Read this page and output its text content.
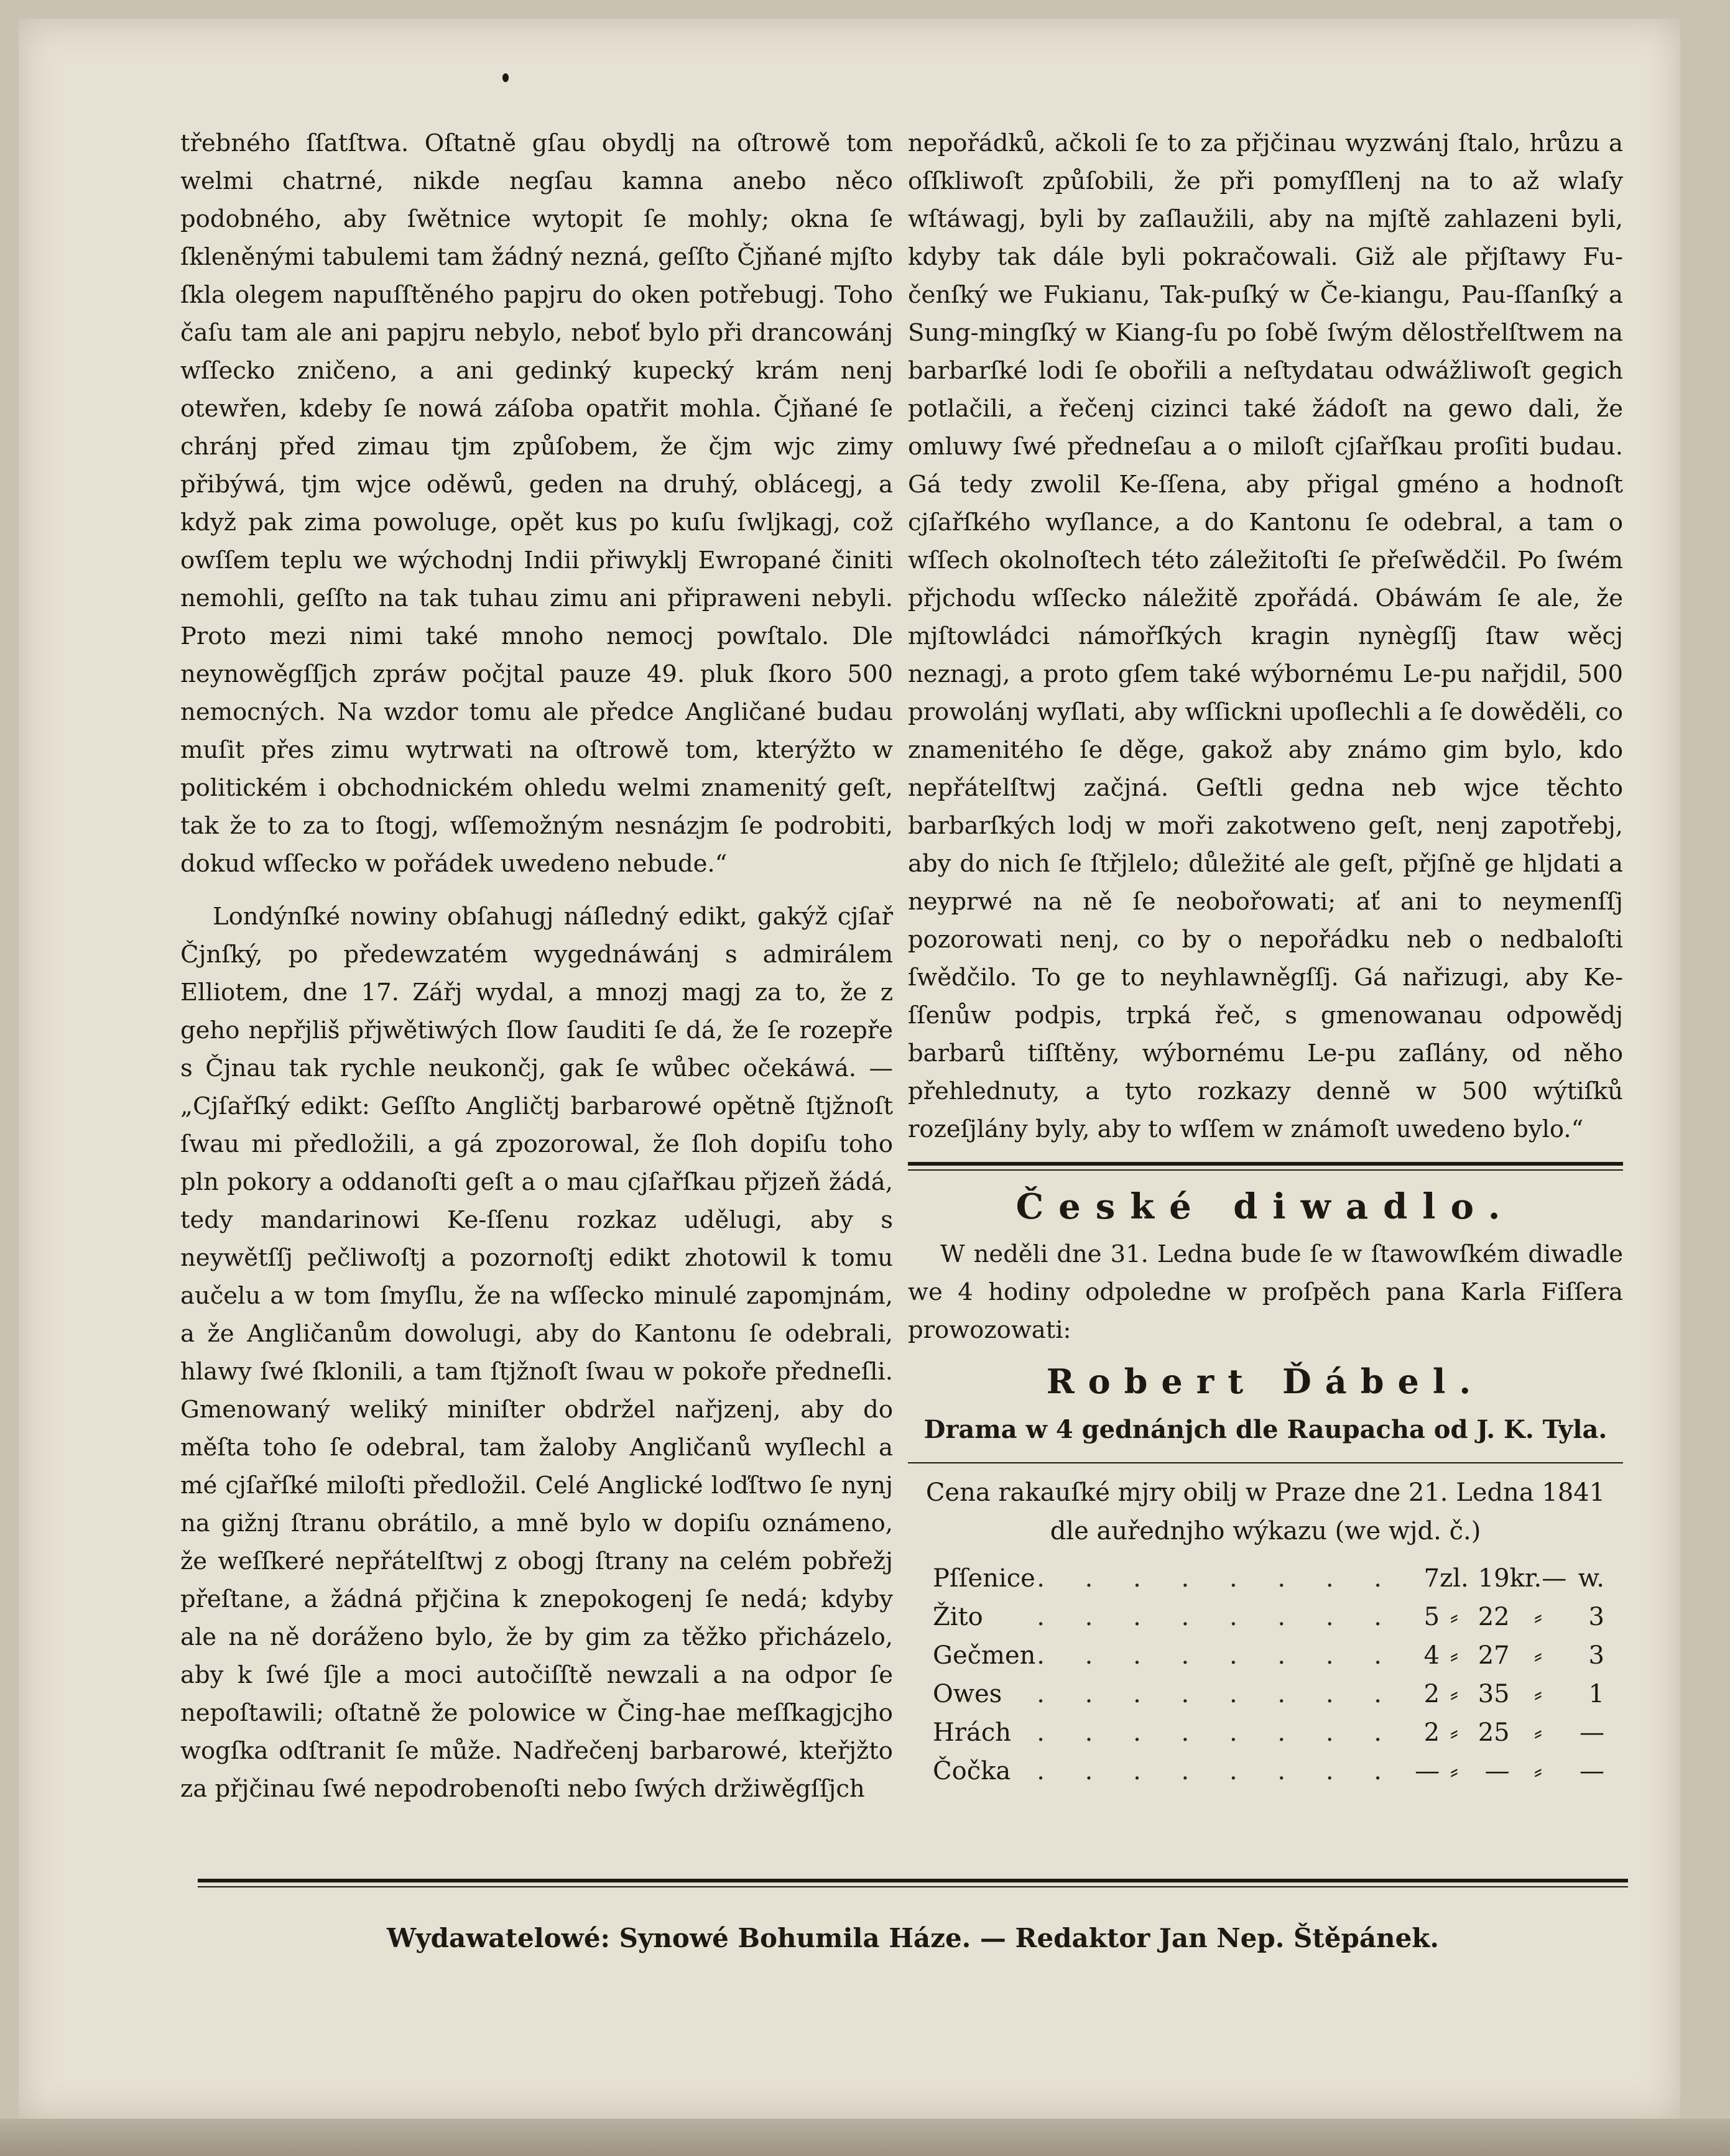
třebného ſſatſtwa. Oſtatně gſau obydlj na oſtrowě tom welmi chatrné, nikde negſau kamna anebo něco podobného, aby ſwětnice wytopit ſe mohly; okna ſe ſkleněnými tabulemi tam žádný nezná, geſſto Čjňané mjſto ſkla olegem napuſſtěného papjru do oken potřebugj. Toho čaſu tam ale ani papjru nebylo, neboť bylo při drancowánj wſſecko zničeno, a ani gedinký kupecký krám nenj otewřen, kdeby ſe nowá záſoba opatřit mohla. Čjňané ſe chránj před zimau tjm způſobem, že čjm wjc zimy přibýwá, tjm wjce oděwů, geden na druhý, oblácegj, a když pak zima powoluge, opět kus po kuſu ſwlјkagj, což owſſem teplu we wýchodnj Indii přiwyklj Ewropané činiti nemohli, geſſto na tak tuhau zimu ani připraweni nebyli. Proto mezi nimi také mnoho nemocj powſtalo. Dle neynowěgſſjch zpráw počjtal pauze 49. pluk ſkoro 500 nemocných. Na wzdor tomu ale předce Angličané budau muſit přes zimu wytrwati na oſtrowě tom, kterýžto w politickém i obchodnickém ohledu welmi znamenitý geſt, tak že to za to ſtogj, wſſemožným nesnázjm ſe podrobiti, dokud wſſecko w pořádek uwedeno nebude.“

Londýnſké nowiny obſahugj náſledný edikt, gakýž cjſař Čjnſký, po předewzatém wygednáwánj s admirálem Elliotem, dne 17. Zářj wydal, a mnozj magj za to, že z geho nepřjliš přjwětiwých ſlow ſauditi ſe dá, že ſe rozepře s Čjnau tak rychle neukončj, gak ſe wůbec očekáwá. — „Cjſařſký edikt: Geſſto Angličtj barbarowé opětně ſtjžnoſt ſwau mi předložili, a gá zpozorowal, že ſloh dopiſu toho pln pokory a oddanoſti geſt a o mau cjſařſkau přjzeň žádá, tedy mandarinowi Ke-ſſenu rozkaz udělugi, aby s neywětſſj pečliwoſtj a pozornoſtj edikt zhotowil k tomu aučelu a w tom ſmyſlu, že na wſſecko minulé zapomjnám, a že Angličanům dowolugi, aby do Kantonu ſe odebrali, hlawy ſwé ſklonili, a tam ſtjžnoſt ſwau w pokoře předneſli. Gmenowaný weliký miniſter obdržel nařjzenj, aby do měſta toho ſe odebral, tam žaloby Angličanů wyſlechl a mé cjſařſké miloſti předložil. Celé Anglické loďſtwo ſe nynj na gižnj ſtranu obrátilo, a mně bylo w dopiſu oznámeno, že weſſkeré nepřátelſtwj z obogj ſtrany na celém pobřežj přeſtane, a žádná přjčina k znepokogenj ſe nedá; kdyby ale na ně doráženo bylo, že by gim za těžko přicházelo, aby k ſwé ſjle a moci autočiſſtě newzali a na odpor ſe nepoſtawili; oſtatně že polowice w Čing-hae meſſkagjcjho wogſka odſtranit ſe může. Nadřečenj barbarowé, kteřjžto za přjčinau ſwé nepodrobenoſti nebo ſwých držiwěgſſjch

nepořádků, ačkoli ſe to za přjčinau wyzwánj ſtalo, hrůzu a oſſkliwoſt způſobili, že při pomyſſlenj na to až wlaſy wſtáwagj, byli by zaſlaužili, aby na mjſtě zahlazeni byli, kdyby tak dále byli pokračowali. Giž ale přjſtawy Fu-čenſký we Fukianu, Tak-puſký w Če-kiangu, Pau-ſſanſký a Sung-mingſký w Kiang-ſu po ſobě ſwým dělostřelſtwem na barbarſké lodi ſe obořili a neſtydatau odwážliwoſt gegich potlačili, a řečenj cizinci také žádoſt na gewo dali, že omluwy ſwé předneſau a o miloſt cjſařſkau proſiti budau. Gá tedy zwolil Ke-ſſena, aby přigal gméno a hodnoſt cjſařſkého wyſlance, a do Kantonu ſe odebral, a tam o wſſech okolnoſtech této záležitoſti ſe přeſwědčil. Po ſwém přjchodu wſſecko náležitě zpořádá. Obáwám ſe ale, že mjſtowládci námořſkých kragin nynègſſj ſtaw wěcj neznagj, a proto gſem také wýbornému Le-pu nařjdil, 500 prowolánj wyſlati, aby wſſickni upoſlechli a ſe dowěděli, co znamenitého ſe děge, gakož aby známo gim bylo, kdo nepřátelſtwj začjná. Geſtli gedna neb wjce těchto barbarſkých lodj w moři zakotweno geſt, nenj zapotřebj, aby do nich ſe ſtřjlelo; důležité ale geſt, přjſně ge hljdati a neyprwé na ně ſe neobořowati; ať ani to neymenſſj pozorowati nenj, co by o nepořádku neb o nedbaloſti ſwědčilo. To ge to neyhlawněgſſj. Gá nařizugi, aby Ke-ſſenůw podpis, trpká řeč, s gmenowanau odpowědj barbarů tiſſtěny, wýbornému Le-pu zaſlány, od něho přehlednuty, a tyto rozkazy denně w 500 wýtiſků rozeſjlány byly, aby to wſſem w známoſt uwedeno bylo.“

České diwadlo.

W neděli dne 31. Ledna bude ſe w ſtawowſkém diwadle we 4 hodiny odpoledne w proſpěch pana Karla Fiſſera prowozowati:

Robert Ďábel.
Drama w 4 gednánjch dle Raupacha od J. K. Tyla.
Cena rakauſké mjry obilj w Praze dne 21. Ledna 1841
dle auřednjho wýkazu (we wjd. č.)
Pſſenice	. . . . . . . .	7	zl.	19	kr.—	w.
Žito	. . . . . . . .	5	⸗	22	⸗	3
Gečmen	. . . . . . . .	4	⸗	27	⸗	3
Owes	. . . . . . . .	2	⸗	35	⸗	1
Hrách	. . . . . . . .	2	⸗	25	⸗	—
Čočka	. . . . . . . .	—	⸗	—	⸗	—
Wydawatelowé: Synowé Bohumila Háze. — Redaktor Jan Nep. Štěpánek.
